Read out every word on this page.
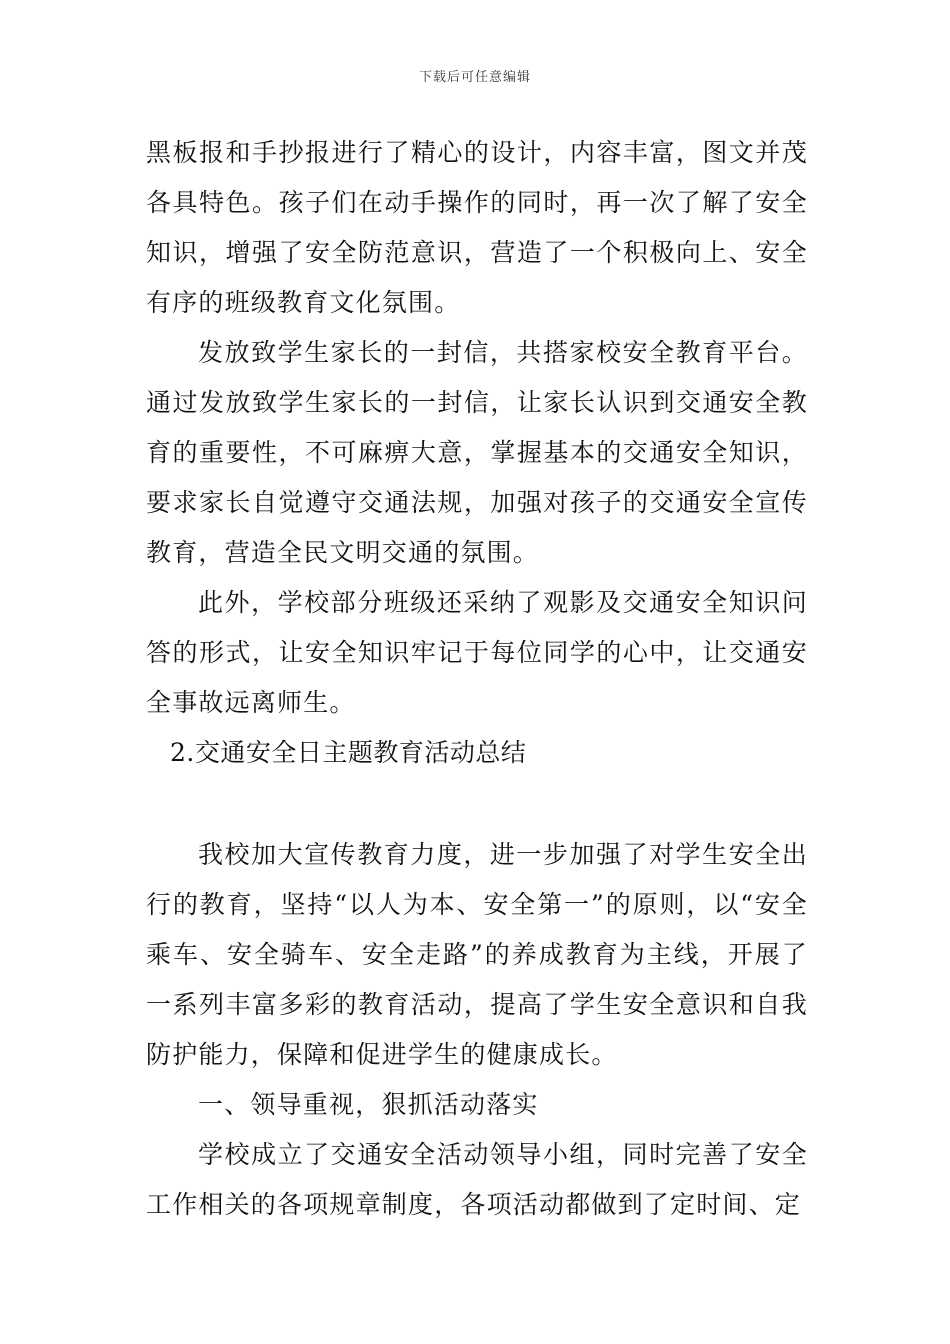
下载后可任意编辑

黑板报和手抄报进行了精心的设计，内容丰富，图文并茂各具特色。孩子们在动手操作的同时，再一次了解了安全知识，增强了安全防范意识，营造了一个积极向上、安全有序的班级教育文化氛围。

发放致学生家长的一封信，共搭家校安全教育平台。通过发放致学生家长的一封信，让家长认识到交通安全教育的重要性，不可麻痹大意，掌握基本的交通安全知识，要求家长自觉遵守交通法规，加强对孩子的交通安全宣传教育，营造全民文明交通的氛围。

此外，学校部分班级还采纳了观影及交通安全知识问答的形式，让安全知识牢记于每位同学的心中，让交通安全事故远离师生。

2.交通安全日主题教育活动总结

我校加大宣传教育力度，进一步加强了对学生安全出行的教育，坚持“以人为本、安全第一”的原则，以“安全乘车、安全骑车、安全走路”的养成教育为主线，开展了一系列丰富多彩的教育活动，提高了学生安全意识和自我防护能力，保障和促进学生的健康成长。

一、领导重视，狠抓活动落实

学校成立了交通安全活动领导小组，同时完善了安全工作相关的各项规章制度，各项活动都做到了定时间、定
